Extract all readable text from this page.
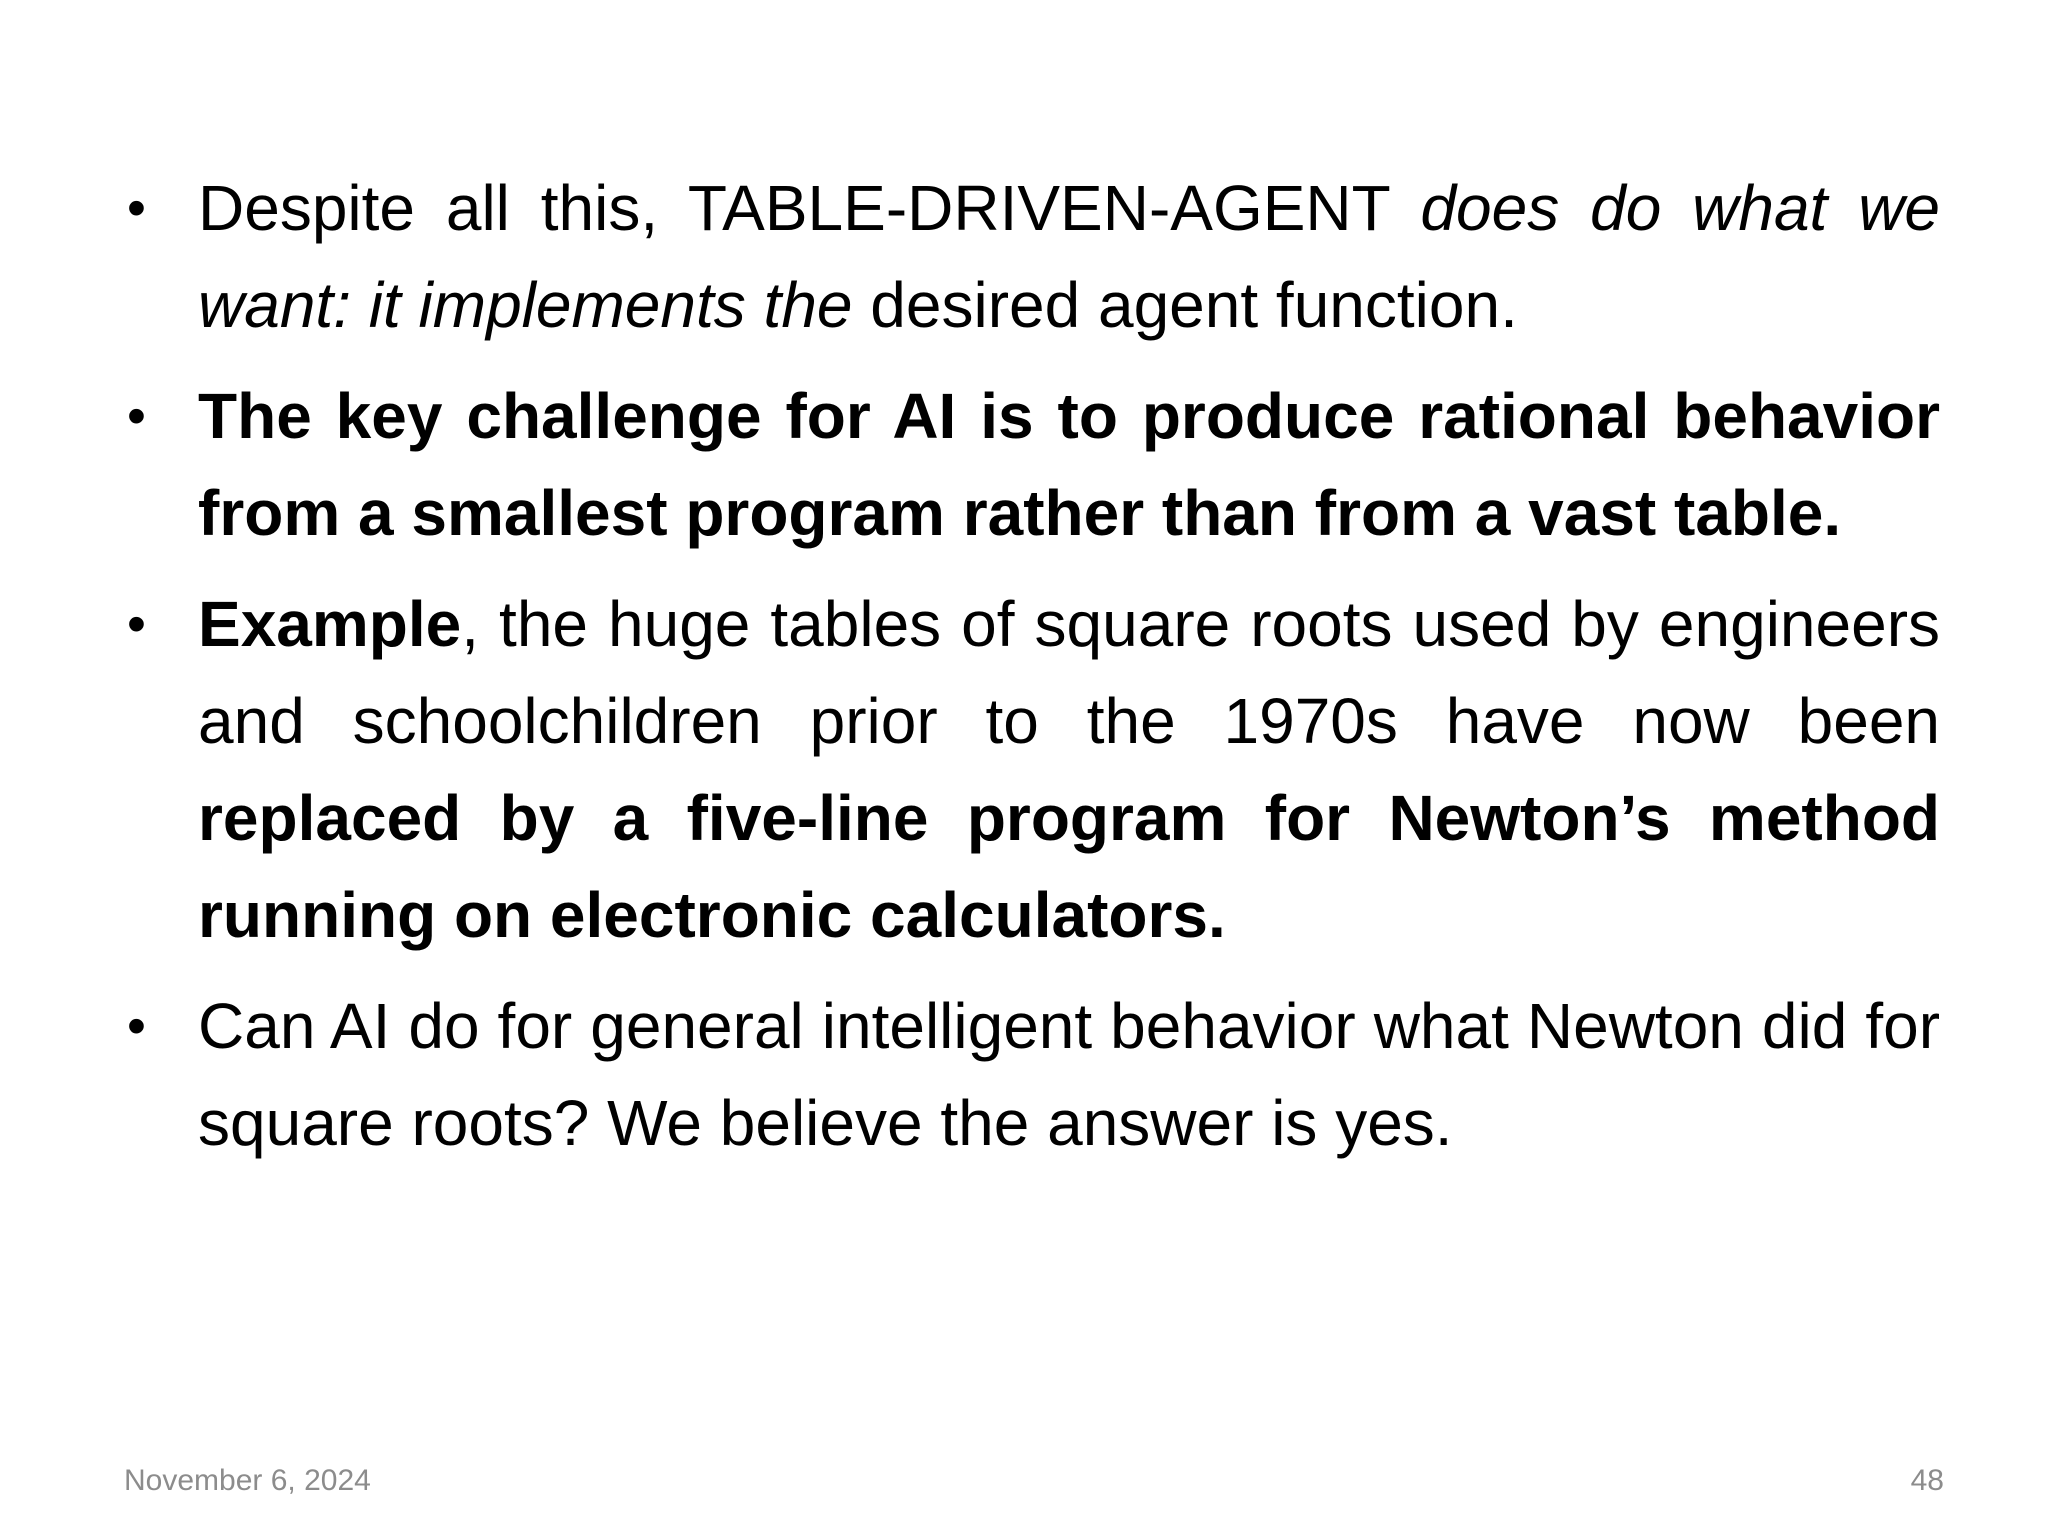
• Despite all this, TABLE-DRIVEN-AGENT does do what we want: it implements the desired agent function.
• The key challenge for AI is to produce rational behavior from a smallest program rather than from a vast table.
• Example, the huge tables of square roots used by engineers and schoolchildren prior to the 1970s have now been replaced by a five-line program for Newton’s method running on electronic calculators.
• Can AI do for general intelligent behavior what Newton did for square roots? We believe the answer is yes.
November 6, 2024	48
